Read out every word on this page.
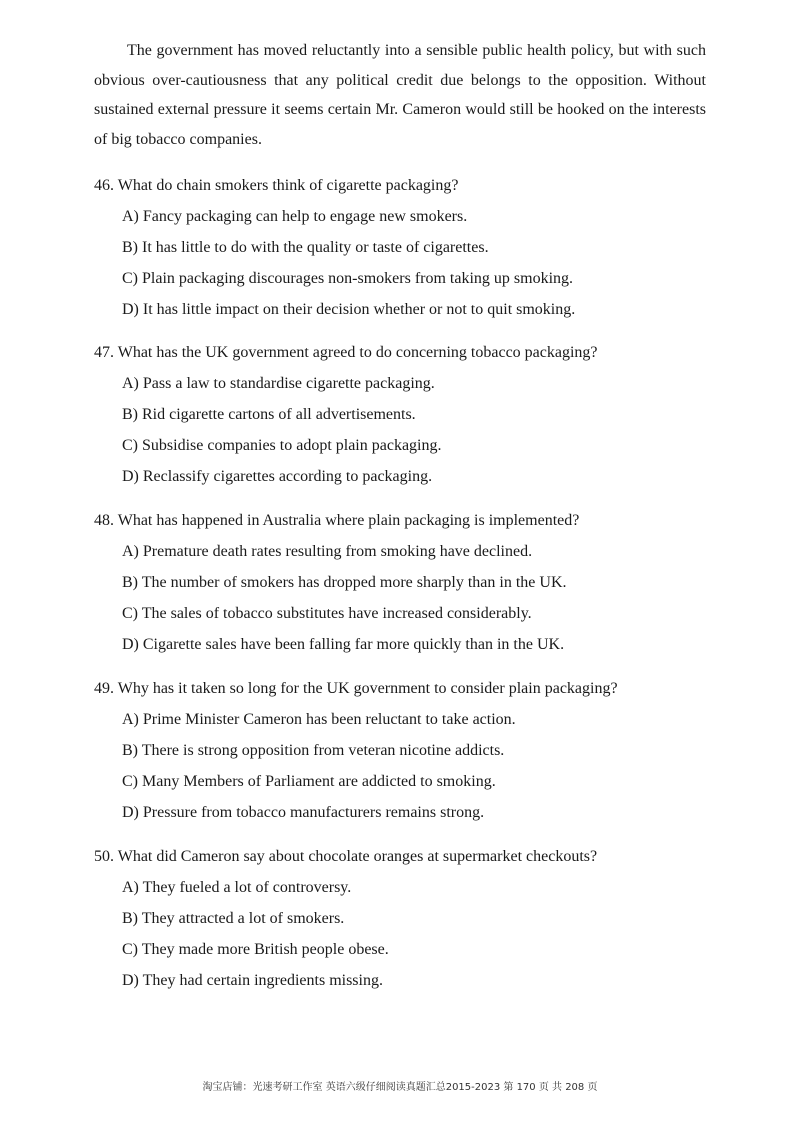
The government has moved reluctantly into a sensible public health policy, but with such obvious over-cautiousness that any political credit due belongs to the opposition. Without sustained external pressure it seems certain Mr. Cameron would still be hooked on the interests of big tobacco companies.

46. What do chain smokers think of cigarette packaging?

A) Fancy packaging can help to engage new smokers.

B) It has little to do with the quality or taste of cigarettes.

C) Plain packaging discourages non-smokers from taking up smoking.

D) It has little impact on their decision whether or not to quit smoking.

47. What has the UK government agreed to do concerning tobacco packaging?

A) Pass a law to standardise cigarette packaging.

B) Rid cigarette cartons of all advertisements.

C) Subsidise companies to adopt plain packaging.

D) Reclassify cigarettes according to packaging.

48. What has happened in Australia where plain packaging is implemented?

A) Premature death rates resulting from smoking have declined.

B) The number of smokers has dropped more sharply than in the UK.

C) The sales of tobacco substitutes have increased considerably.

D) Cigarette sales have been falling far more quickly than in the UK.

49. Why has it taken so long for the UK government to consider plain packaging?

A) Prime Minister Cameron has been reluctant to take action.

B) There is strong opposition from veteran nicotine addicts.

C) Many Members of Parliament are addicted to smoking.

D) Pressure from tobacco manufacturers remains strong.

50. What did Cameron say about chocolate oranges at supermarket checkouts?

A) They fueled a lot of controversy.

B) They attracted a lot of smokers.

C) They made more British people obese.

D) They had certain ingredients missing.

淘宝店铺：光速考研工作室 英语六级仔细阅读真题汇总2015-2023 第 170 页 共 208 页
